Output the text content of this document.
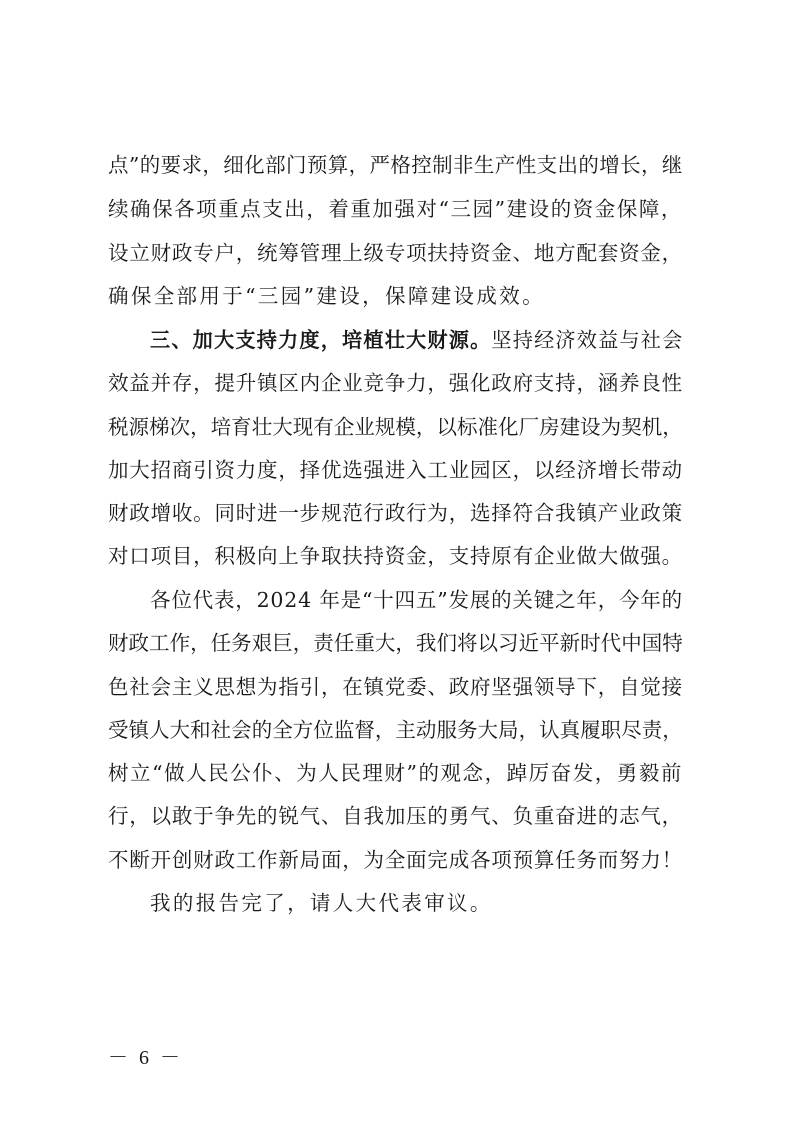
点”的要求，细化部门预算，严格控制非生产性支出的增长，继
续确保各项重点支出，着重加强对“三园”建设的资金保障，
设立财政专户，统筹管理上级专项扶持资金、地方配套资金，
确保全部用于“三园”建设，保障建设成效。
三、加大支持力度，培植壮大财源。坚持经济效益与社会
效益并存，提升镇区内企业竞争力，强化政府支持，涵养良性
税源梯次，培育壮大现有企业规模，以标准化厂房建设为契机，
加大招商引资力度，择优选强进入工业园区，以经济增长带动
财政增收。同时进一步规范行政行为，选择符合我镇产业政策
对口项目，积极向上争取扶持资金，支持原有企业做大做强。
各位代表，2024 年是“十四五”发展的关键之年，今年的
财政工作，任务艰巨，责任重大，我们将以习近平新时代中国特
色社会主义思想为指引，在镇党委、政府坚强领导下，自觉接
受镇人大和社会的全方位监督，主动服务大局，认真履职尽责，
树立“做人民公仆、为人民理财”的观念，踔厉奋发，勇毅前
行，以敢于争先的锐气、自我加压的勇气、负重奋进的志气，
不断开创财政工作新局面，为全面完成各项预算任务而努力！
我的报告完了，请人大代表审议。
－ 6 －
